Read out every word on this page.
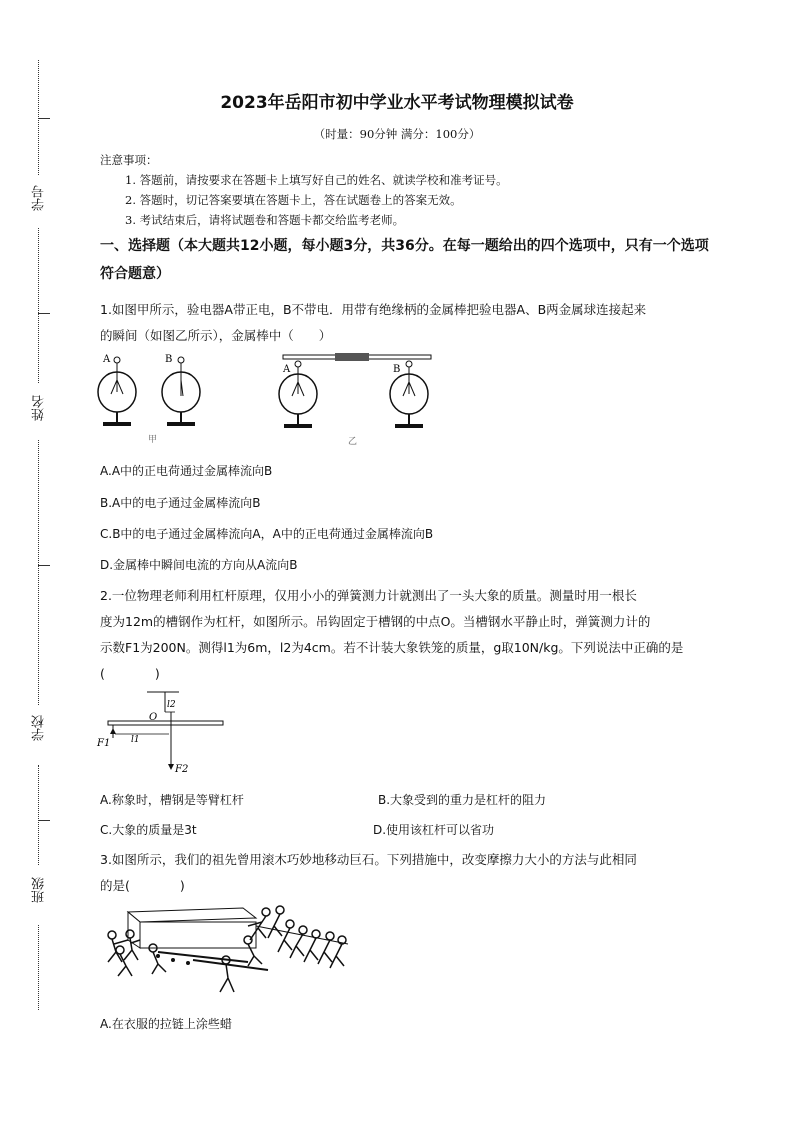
学号
姓名
学校
班级
2023年岳阳市初中学业水平考试物理模拟试卷
（时量：90分钟 满分：100分）
注意事项：
1. 答题前，请按要求在答题卡上填写好自己的姓名、就读学校和准考证号。
2. 答题时，切记答案要填在答题卡上，答在试题卷上的答案无效。
3. 考试结束后，请将试题卷和答题卡都交给监考老师。
一、选择题（本大题共12小题，每小题3分，共36分。在每一题给出的四个选项中，只有一个选项符合题意）
1.如图甲所示，验电器A带正电，B不带电．用带有绝缘柄的金属棒把验电器A、B两金属球连接起来
的瞬间（如图乙所示），金属棒中（　　）
A	B
甲
A	B
乙
A.A中的正电荷通过金属棒流向B
B.A中的电子通过金属棒流向B
C.B中的电子通过金属棒流向A，A中的正电荷通过金属棒流向B
D.金属棒中瞬间电流的方向从A流向B
2.一位物理老师利用杠杆原理，仅用小小的弹簧测力计就测出了一头大象的质量。测量时用一根长
度为12m的槽钢作为杠杆，如图所示。吊钩固定于槽钢的中点O。当槽钢水平静止时，弹簧测力计的
示数F1为200N。测得l1为6m，l2为4cm。若不计装大象铁笼的质量，g取10N/kg。下列说法中正确的是
(　　　　)
O
l2
l1
F1
F2
A.称象时，槽钢是等臂杠杆	B.大象受到的重力是杠杆的阻力
C.大象的质量是3t	D.使用该杠杆可以省功
3.如图所示，我们的祖先曾用滚木巧妙地移动巨石。下列措施中，改变摩擦力大小的方法与此相同
的是(　　　　)
A.在衣服的拉链上涂些蜡
